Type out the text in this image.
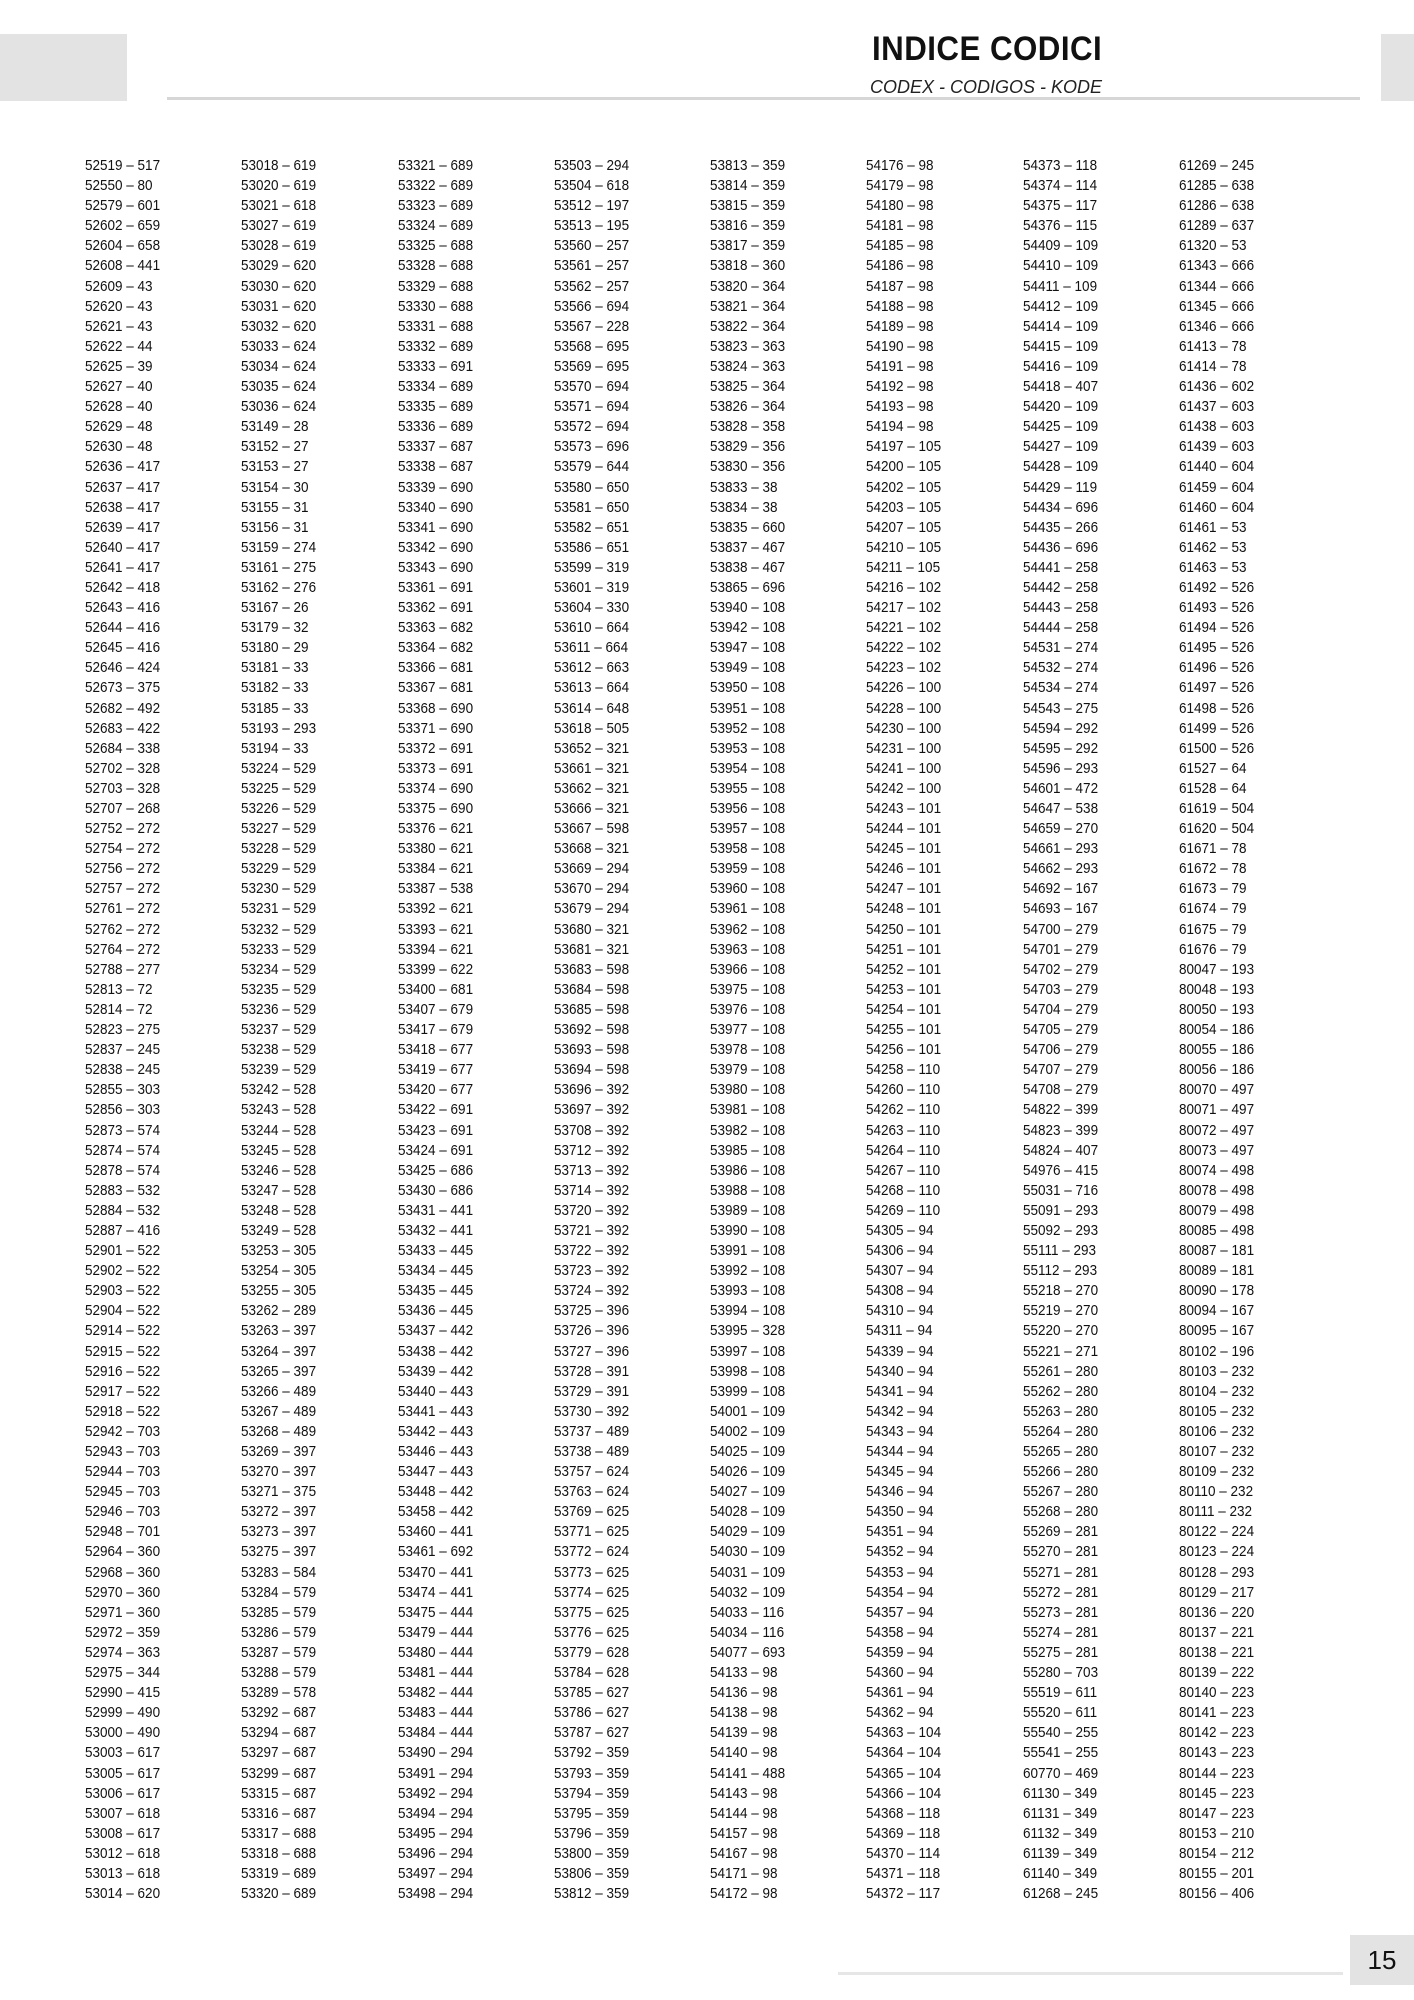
INDICE CODICI
CODEX - CODIGOS - KODE
52519 – 517
52550 – 80
52579 – 601
52602 – 659
52604 – 658
52608 – 441
52609 – 43
52620 – 43
52621 – 43
52622 – 44
52625 – 39
52627 – 40
52628 – 40
52629 – 48
52630 – 48
52636 – 417
52637 – 417
52638 – 417
52639 – 417
52640 – 417
52641 – 417
52642 – 418
52643 – 416
52644 – 416
52645 – 416
52646 – 424
52673 – 375
52682 – 492
52683 – 422
52684 – 338
52702 – 328
52703 – 328
52707 – 268
52752 – 272
52754 – 272
52756 – 272
52757 – 272
52761 – 272
52762 – 272
52764 – 272
52788 – 277
52813 – 72
52814 – 72
52823 – 275
52837 – 245
52838 – 245
52855 – 303
52856 – 303
52873 – 574
52874 – 574
52878 – 574
52883 – 532
52884 – 532
52887 – 416
52901 – 522
52902 – 522
52903 – 522
52904 – 522
52914 – 522
52915 – 522
52916 – 522
52917 – 522
52918 – 522
52942 – 703
52943 – 703
52944 – 703
52945 – 703
52946 – 703
52948 – 701
52964 – 360
52968 – 360
52970 – 360
52971 – 360
52972 – 359
52974 – 363
52975 – 344
52990 – 415
52999 – 490
53000 – 490
53003 – 617
53005 – 617
53006 – 617
53007 – 618
53008 – 617
53012 – 618
53013 – 618
53014 – 620
53018 – 619
53020 – 619
53021 – 618
53027 – 619
53028 – 619
53029 – 620
53030 – 620
53031 – 620
53032 – 620
53033 – 624
53034 – 624
53035 – 624
53036 – 624
53149 – 28
53152 – 27
53153 – 27
53154 – 30
53155 – 31
53156 – 31
53159 – 274
53161 – 275
53162 – 276
53167 – 26
53179 – 32
53180 – 29
53181 – 33
53182 – 33
53185 – 33
53193 – 293
53194 – 33
53224 – 529
53225 – 529
53226 – 529
53227 – 529
53228 – 529
53229 – 529
53230 – 529
53231 – 529
53232 – 529
53233 – 529
53234 – 529
53235 – 529
53236 – 529
53237 – 529
53238 – 529
53239 – 529
53242 – 528
53243 – 528
53244 – 528
53245 – 528
53246 – 528
53247 – 528
53248 – 528
53249 – 528
53253 – 305
53254 – 305
53255 – 305
53262 – 289
53263 – 397
53264 – 397
53265 – 397
53266 – 489
53267 – 489
53268 – 489
53269 – 397
53270 – 397
53271 – 375
53272 – 397
53273 – 397
53275 – 397
53283 – 584
53284 – 579
53285 – 579
53286 – 579
53287 – 579
53288 – 579
53289 – 578
53292 – 687
53294 – 687
53297 – 687
53299 – 687
53315 – 687
53316 – 687
53317 – 688
53318 – 688
53319 – 689
53320 – 689
53321 – 689
53322 – 689
53323 – 689
53324 – 689
53325 – 688
53328 – 688
53329 – 688
53330 – 688
53331 – 688
53332 – 689
53333 – 691
53334 – 689
53335 – 689
53336 – 689
53337 – 687
53338 – 687
53339 – 690
53340 – 690
53341 – 690
53342 – 690
53343 – 690
53361 – 691
53362 – 691
53363 – 682
53364 – 682
53366 – 681
53367 – 681
53368 – 690
53371 – 690
53372 – 691
53373 – 691
53374 – 690
53375 – 690
53376 – 621
53380 – 621
53384 – 621
53387 – 538
53392 – 621
53393 – 621
53394 – 621
53399 – 622
53400 – 681
53407 – 679
53417 – 679
53418 – 677
53419 – 677
53420 – 677
53422 – 691
53423 – 691
53424 – 691
53425 – 686
53430 – 686
53431 – 441
53432 – 441
53433 – 445
53434 – 445
53435 – 445
53436 – 445
53437 – 442
53438 – 442
53439 – 442
53440 – 443
53441 – 443
53442 – 443
53446 – 443
53447 – 443
53448 – 442
53458 – 442
53460 – 441
53461 – 692
53470 – 441
53474 – 441
53475 – 444
53479 – 444
53480 – 444
53481 – 444
53482 – 444
53483 – 444
53484 – 444
53490 – 294
53491 – 294
53492 – 294
53494 – 294
53495 – 294
53496 – 294
53497 – 294
53498 – 294
53503 – 294
53504 – 618
53512 – 197
53513 – 195
53560 – 257
53561 – 257
53562 – 257
53566 – 694
53567 – 228
53568 – 695
53569 – 695
53570 – 694
53571 – 694
53572 – 694
53573 – 696
53579 – 644
53580 – 650
53581 – 650
53582 – 651
53586 – 651
53599 – 319
53601 – 319
53604 – 330
53610 – 664
53611 – 664
53612 – 663
53613 – 664
53614 – 648
53618 – 505
53652 – 321
53661 – 321
53662 – 321
53666 – 321
53667 – 598
53668 – 321
53669 – 294
53670 – 294
53679 – 294
53680 – 321
53681 – 321
53683 – 598
53684 – 598
53685 – 598
53692 – 598
53693 – 598
53694 – 598
53696 – 392
53697 – 392
53708 – 392
53712 – 392
53713 – 392
53714 – 392
53720 – 392
53721 – 392
53722 – 392
53723 – 392
53724 – 392
53725 – 396
53726 – 396
53727 – 396
53728 – 391
53729 – 391
53730 – 392
53737 – 489
53738 – 489
53757 – 624
53763 – 624
53769 – 625
53771 – 625
53772 – 624
53773 – 625
53774 – 625
53775 – 625
53776 – 625
53779 – 628
53784 – 628
53785 – 627
53786 – 627
53787 – 627
53792 – 359
53793 – 359
53794 – 359
53795 – 359
53796 – 359
53800 – 359
53806 – 359
53812 – 359
53813 – 359
53814 – 359
53815 – 359
53816 – 359
53817 – 359
53818 – 360
53820 – 364
53821 – 364
53822 – 364
53823 – 363
53824 – 363
53825 – 364
53826 – 364
53828 – 358
53829 – 356
53830 – 356
53833 – 38
53834 – 38
53835 – 660
53837 – 467
53838 – 467
53865 – 696
53940 – 108
53942 – 108
53947 – 108
53949 – 108
53950 – 108
53951 – 108
53952 – 108
53953 – 108
53954 – 108
53955 – 108
53956 – 108
53957 – 108
53958 – 108
53959 – 108
53960 – 108
53961 – 108
53962 – 108
53963 – 108
53966 – 108
53975 – 108
53976 – 108
53977 – 108
53978 – 108
53979 – 108
53980 – 108
53981 – 108
53982 – 108
53985 – 108
53986 – 108
53988 – 108
53989 – 108
53990 – 108
53991 – 108
53992 – 108
53993 – 108
53994 – 108
53995 – 328
53997 – 108
53998 – 108
53999 – 108
54001 – 109
54002 – 109
54025 – 109
54026 – 109
54027 – 109
54028 – 109
54029 – 109
54030 – 109
54031 – 109
54032 – 109
54033 – 116
54034 – 116
54077 – 693
54133 – 98
54136 – 98
54138 – 98
54139 – 98
54140 – 98
54141 – 488
54143 – 98
54144 – 98
54157 – 98
54167 – 98
54171 – 98
54172 – 98
54176 – 98
54179 – 98
54180 – 98
54181 – 98
54185 – 98
54186 – 98
54187 – 98
54188 – 98
54189 – 98
54190 – 98
54191 – 98
54192 – 98
54193 – 98
54194 – 98
54197 – 105
54200 – 105
54202 – 105
54203 – 105
54207 – 105
54210 – 105
54211 – 105
54216 – 102
54217 – 102
54221 – 102
54222 – 102
54223 – 102
54226 – 100
54228 – 100
54230 – 100
54231 – 100
54241 – 100
54242 – 100
54243 – 101
54244 – 101
54245 – 101
54246 – 101
54247 – 101
54248 – 101
54250 – 101
54251 – 101
54252 – 101
54253 – 101
54254 – 101
54255 – 101
54256 – 101
54258 – 110
54260 – 110
54262 – 110
54263 – 110
54264 – 110
54267 – 110
54268 – 110
54269 – 110
54305 – 94
54306 – 94
54307 – 94
54308 – 94
54310 – 94
54311 – 94
54339 – 94
54340 – 94
54341 – 94
54342 – 94
54343 – 94
54344 – 94
54345 – 94
54346 – 94
54350 – 94
54351 – 94
54352 – 94
54353 – 94
54354 – 94
54357 – 94
54358 – 94
54359 – 94
54360 – 94
54361 – 94
54362 – 94
54363 – 104
54364 – 104
54365 – 104
54366 – 104
54368 – 118
54369 – 118
54370 – 114
54371 – 118
54372 – 117
54373 – 118
54374 – 114
54375 – 117
54376 – 115
54409 – 109
54410 – 109
54411 – 109
54412 – 109
54414 – 109
54415 – 109
54416 – 109
54418 – 407
54420 – 109
54425 – 109
54427 – 109
54428 – 109
54429 – 119
54434 – 696
54435 – 266
54436 – 696
54441 – 258
54442 – 258
54443 – 258
54444 – 258
54531 – 274
54532 – 274
54534 – 274
54543 – 275
54594 – 292
54595 – 292
54596 – 293
54601 – 472
54647 – 538
54659 – 270
54661 – 293
54662 – 293
54692 – 167
54693 – 167
54700 – 279
54701 – 279
54702 – 279
54703 – 279
54704 – 279
54705 – 279
54706 – 279
54707 – 279
54708 – 279
54822 – 399
54823 – 399
54824 – 407
54976 – 415
55031 – 716
55091 – 293
55092 – 293
55111 – 293
55112 – 293
55218 – 270
55219 – 270
55220 – 270
55221 – 271
55261 – 280
55262 – 280
55263 – 280
55264 – 280
55265 – 280
55266 – 280
55267 – 280
55268 – 280
55269 – 281
55270 – 281
55271 – 281
55272 – 281
55273 – 281
55274 – 281
55275 – 281
55280 – 703
55519 – 611
55520 – 611
55540 – 255
55541 – 255
60770 – 469
61130 – 349
61131 – 349
61132 – 349
61139 – 349
61140 – 349
61268 – 245
61269 – 245
61285 – 638
61286 – 638
61289 – 637
61320 – 53
61343 – 666
61344 – 666
61345 – 666
61346 – 666
61413 – 78
61414 – 78
61436 – 602
61437 – 603
61438 – 603
61439 – 603
61440 – 604
61459 – 604
61460 – 604
61461 – 53
61462 – 53
61463 – 53
61492 – 526
61493 – 526
61494 – 526
61495 – 526
61496 – 526
61497 – 526
61498 – 526
61499 – 526
61500 – 526
61527 – 64
61528 – 64
61619 – 504
61620 – 504
61671 – 78
61672 – 78
61673 – 79
61674 – 79
61675 – 79
61676 – 79
80047 – 193
80048 – 193
80050 – 193
80054 – 186
80055 – 186
80056 – 186
80070 – 497
80071 – 497
80072 – 497
80073 – 497
80074 – 498
80078 – 498
80079 – 498
80085 – 498
80087 – 181
80089 – 181
80090 – 178
80094 – 167
80095 – 167
80102 – 196
80103 – 232
80104 – 232
80105 – 232
80106 – 232
80107 – 232
80109 – 232
80110 – 232
80111 – 232
80122 – 224
80123 – 224
80128 – 293
80129 – 217
80136 – 220
80137 – 221
80138 – 221
80139 – 222
80140 – 223
80141 – 223
80142 – 223
80143 – 223
80144 – 223
80145 – 223
80147 – 223
80153 – 210
80154 – 212
80155 – 201
80156 – 406
15
